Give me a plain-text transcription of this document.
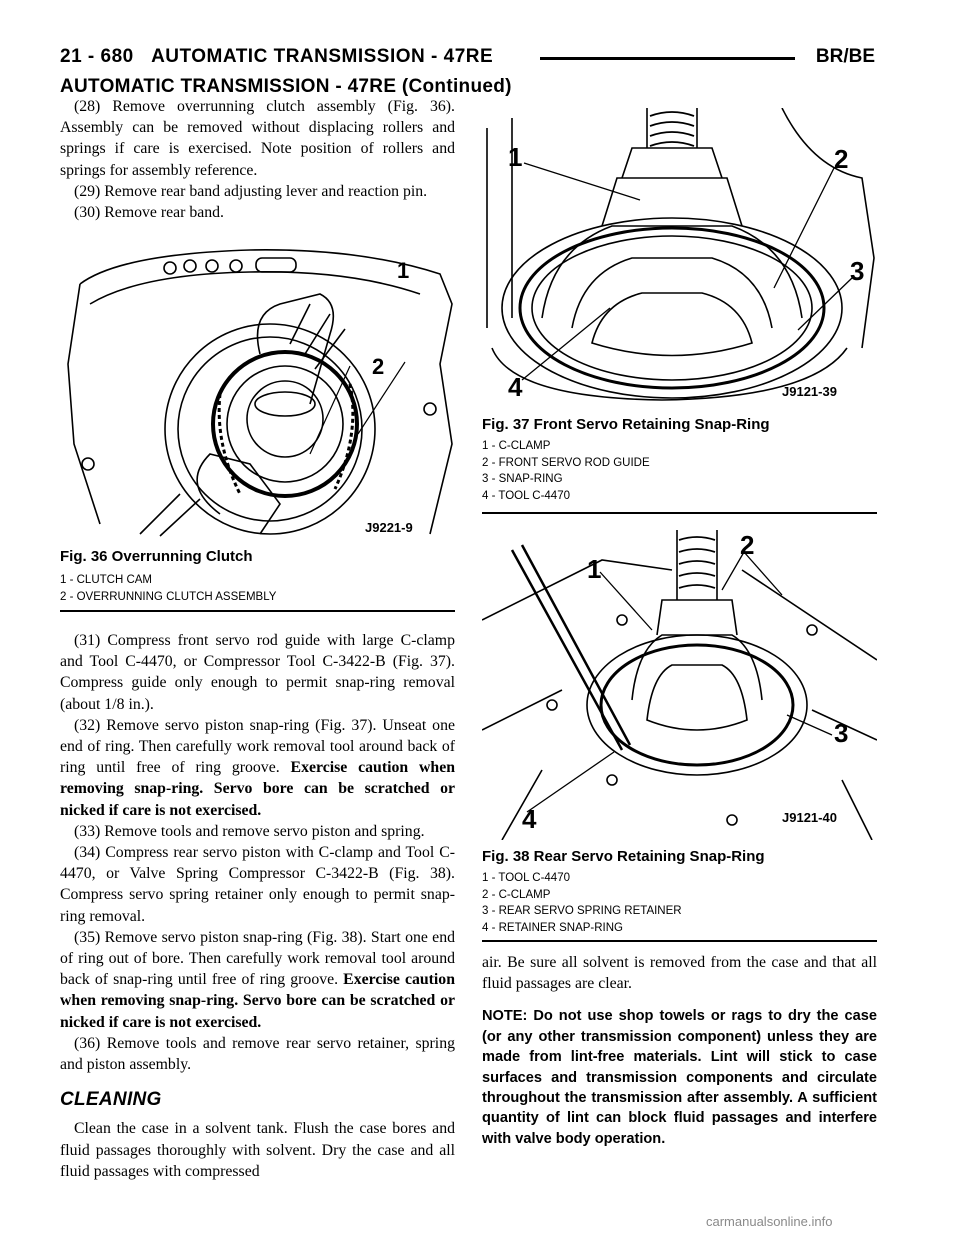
21 - 680 AUTOMATIC TRANSMISSION - 47RE	BR/BE
AUTOMATIC TRANSMISSION - 47RE (Continued)

(28) Remove overrunning clutch assembly (Fig. 36). Assembly can be removed without displacing rollers and springs if care is exercised. Note position of rollers and springs for assembly reference.

(29) Remove rear band adjusting lever and reaction pin.

(30) Remove rear band.

1
2
J9221-9
Fig. 36 Overrunning Clutch
1 - CLUTCH CAM
2 - OVERRUNNING CLUTCH ASSEMBLY

(31) Compress front servo rod guide with large C-clamp and Tool C-4470, or Compressor Tool C-3422-B (Fig. 37). Compress guide only enough to permit snap-ring removal (about 1/8 in.).

(32) Remove servo piston snap-ring (Fig. 37). Unseat one end of ring. Then carefully work removal tool around back of ring until free of ring groove. Exercise caution when removing snap-ring. Servo bore can be scratched or nicked if care is not exercised.

(33) Remove tools and remove servo piston and spring.

(34) Compress rear servo piston with C-clamp and Tool C-4470, or Valve Spring Compressor C-3422-B (Fig. 38). Compress servo spring retainer only enough to permit snap-ring removal.

(35) Remove servo piston snap-ring (Fig. 38). Start one end of ring out of bore. Then carefully work removal tool around back of snap-ring until free of ring groove. Exercise caution when removing snap-ring. Servo bore can be scratched or nicked if care is not exercised.

(36) Remove tools and remove rear servo retainer, spring and piston assembly.

CLEANING

Clean the case in a solvent tank. Flush the case bores and fluid passages thoroughly with solvent. Dry the case and all fluid passages with compressed

1	2
3
4	J9121-39
Fig. 37 Front Servo Retaining Snap-Ring
1 - C-CLAMP
2 - FRONT SERVO ROD GUIDE
3 - SNAP-RING
4 - TOOL C-4470
1
2
3
4	J9121-40
Fig. 38 Rear Servo Retaining Snap-Ring
1 - TOOL C-4470
2 - C-CLAMP
3 - REAR SERVO SPRING RETAINER
4 - RETAINER SNAP-RING

air. Be sure all solvent is removed from the case and that all fluid passages are clear.

NOTE: Do not use shop towels or rags to dry the case (or any other transmission component) unless they are made from lint-free materials. Lint will stick to case surfaces and transmission components and circulate throughout the transmission after assembly. A sufficient quantity of lint can block fluid passages and interfere with valve body operation.

carmanualsonline.info
